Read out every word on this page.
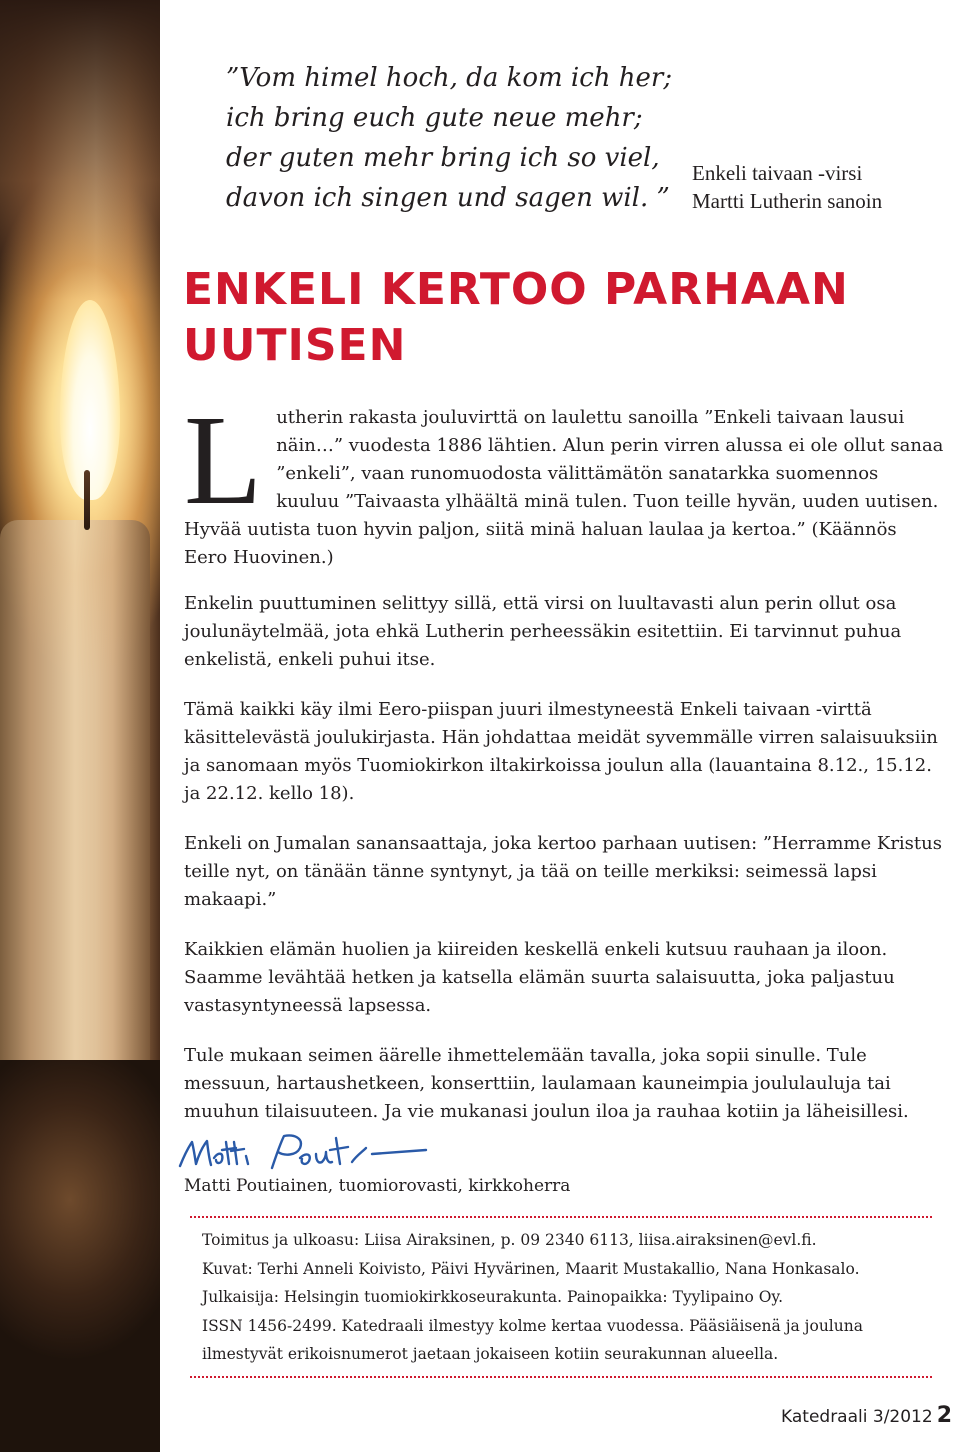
”Vom himel hoch, da kom ich her;
ich bring euch gute neue mehr;
der guten mehr bring ich so viel,
davon ich singen und sagen wil. ”
Enkeli taivaan -virsi
Martti Lutherin sanoin
ENKELI KERTOO PARHAAN
UUTISEN

Lutherin rakasta jouluvirttä on laulettu sanoilla ”Enkeli taivaan lausui näin…” vuodesta 1886 lähtien. Alun perin virren alussa ei ole ollut sanaa ”enkeli”, vaan runomuodosta välittämätön sanatarkka suomennos kuuluu ”Taivaasta ylhäältä minä tulen. Tuon teille hyvän, uuden uutisen. Hyvää uutista tuon hyvin paljon, siitä minä haluan laulaa ja kertoa.” (Käännös Eero Huovinen.)

Enkelin puuttuminen selittyy sillä, että virsi on luultavasti alun perin ollut osa joulunäytelmää, jota ehkä Lutherin perheessäkin esitettiin. Ei tarvinnut puhua enkelistä, enkeli puhui itse.

Tämä kaikki käy ilmi Eero-piispan juuri ilmestyneestä Enkeli taivaan -virttä käsittelevästä joulukirjasta. Hän johdattaa meidät syvemmälle virren salaisuuksiin ja sanomaan myös Tuomiokirkon iltakirkoissa joulun alla (lauantaina 8.12., 15.12. ja 22.12. kello 18).

Enkeli on Jumalan sanansaattaja, joka kertoo parhaan uutisen: ”Herramme Kristus teille nyt, on tänään tänne syntynyt, ja tää on teille merkiksi: seimessä lapsi makaapi.”

Kaikkien elämän huolien ja kiireiden keskellä enkeli kutsuu rauhaan ja iloon. Saamme levähtää hetken ja katsella elämän suurta salaisuutta, joka paljastuu vastasyntyneessä lapsessa.

Tule mukaan seimen äärelle ihmettelemään tavalla, joka sopii sinulle. Tule messuun, hartaushetkeen, konserttiin, laulamaan kauneimpia joululauluja tai muuhun tilaisuuteen. Ja vie mukanasi joulun iloa ja rauhaa kotiin ja läheisillesi.

Matti Poutiainen, tuomiorovasti, kirkkoherra
Toimitus ja ulkoasu: Liisa Airaksinen, p. 09 2340 6113, liisa.airaksinen@evl.fi.
Kuvat: Terhi Anneli Koivisto, Päivi Hyvärinen, Maarit Mustakallio, Nana Honkasalo.
Julkaisija: Helsingin tuomiokirkkoseurakunta. Painopaikka: Tyylipaino Oy.
ISSN 1456-2499. Katedraali ilmestyy kolme kertaa vuodessa. Pääsiäisenä ja jouluna
ilmestyvät erikoisnumerot jaetaan jokaiseen kotiin seurakunnan alueella.
Katedraali 3/2012 2
